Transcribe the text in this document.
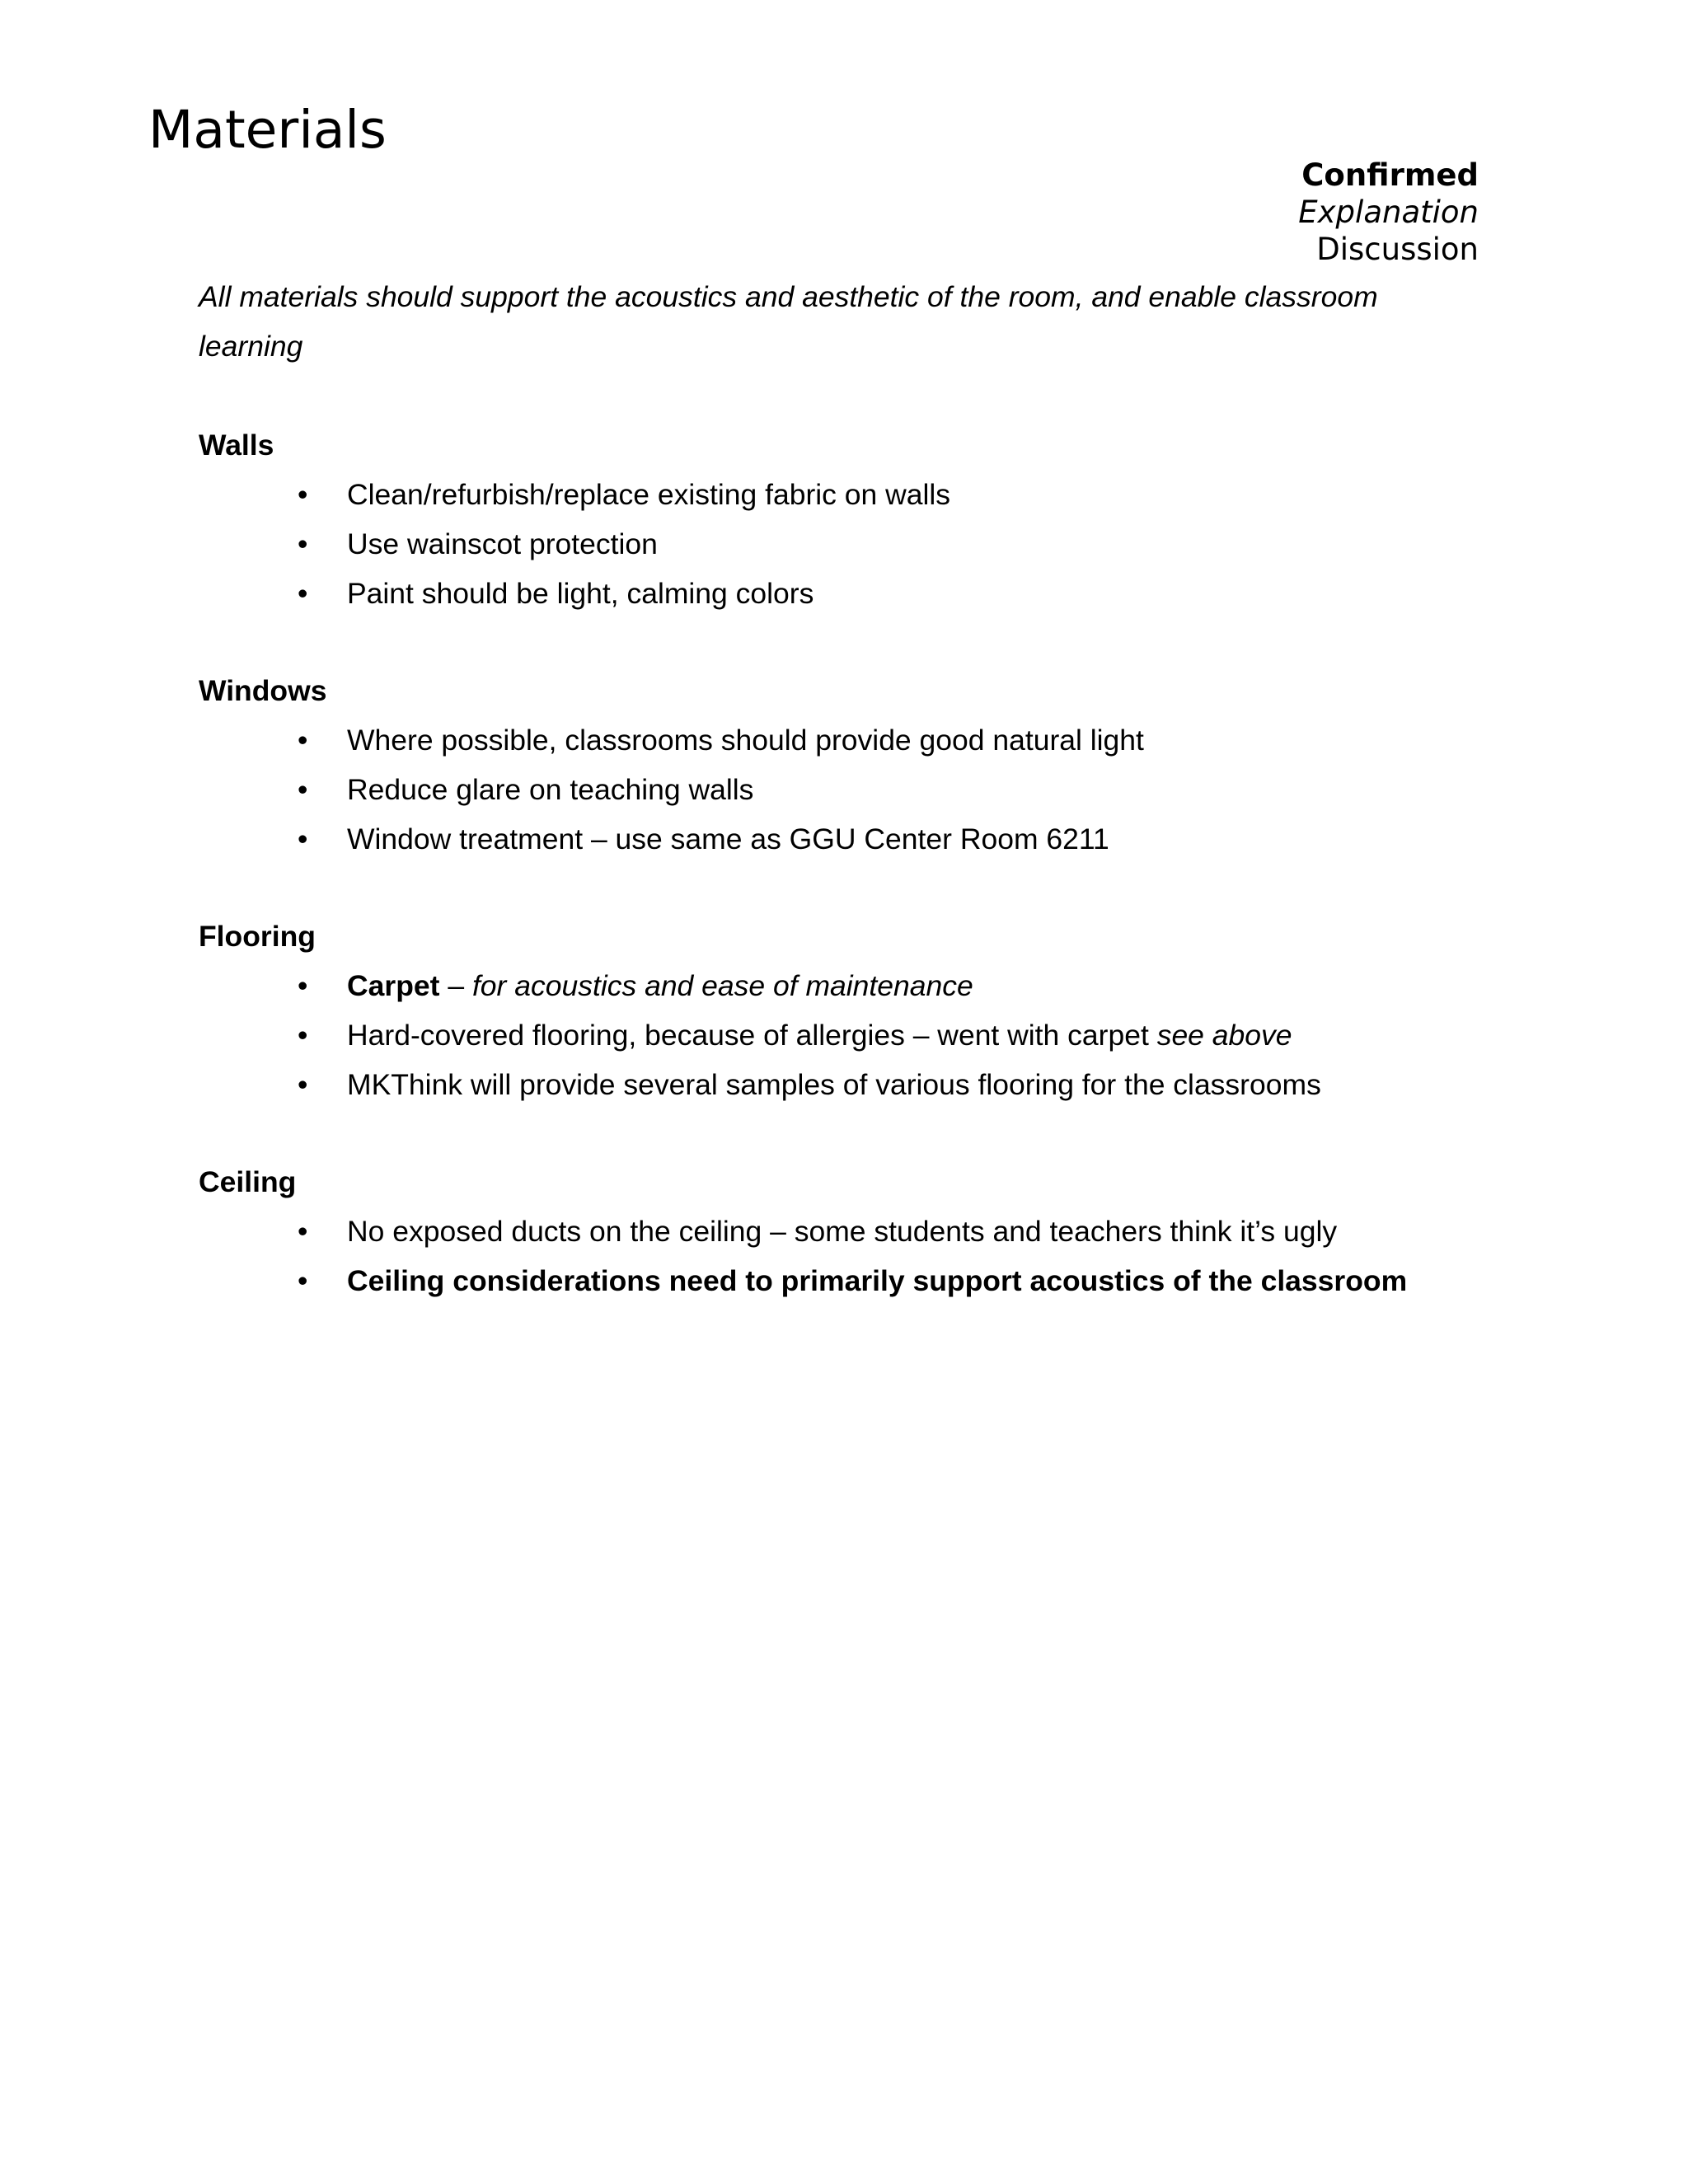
Materials
Confirmed
Explanation
Discussion

All materials should support the acoustics and aesthetic of the room, and enable classroom learning

Walls
• Clean/refurbish/replace existing fabric on walls
• Use wainscot protection
• Paint should be light, calming colors
Windows
• Where possible, classrooms should provide good natural light
• Reduce glare on teaching walls
• Window treatment – use same as GGU Center Room 6211
Flooring
• Carpet – for acoustics and ease of maintenance
• Hard-covered flooring, because of allergies – went with carpet see above
• MKThink will provide several samples of various flooring for the classrooms
Ceiling
• No exposed ducts on the ceiling – some students and teachers think it’s ugly
• Ceiling considerations need to primarily support acoustics of the classroom
